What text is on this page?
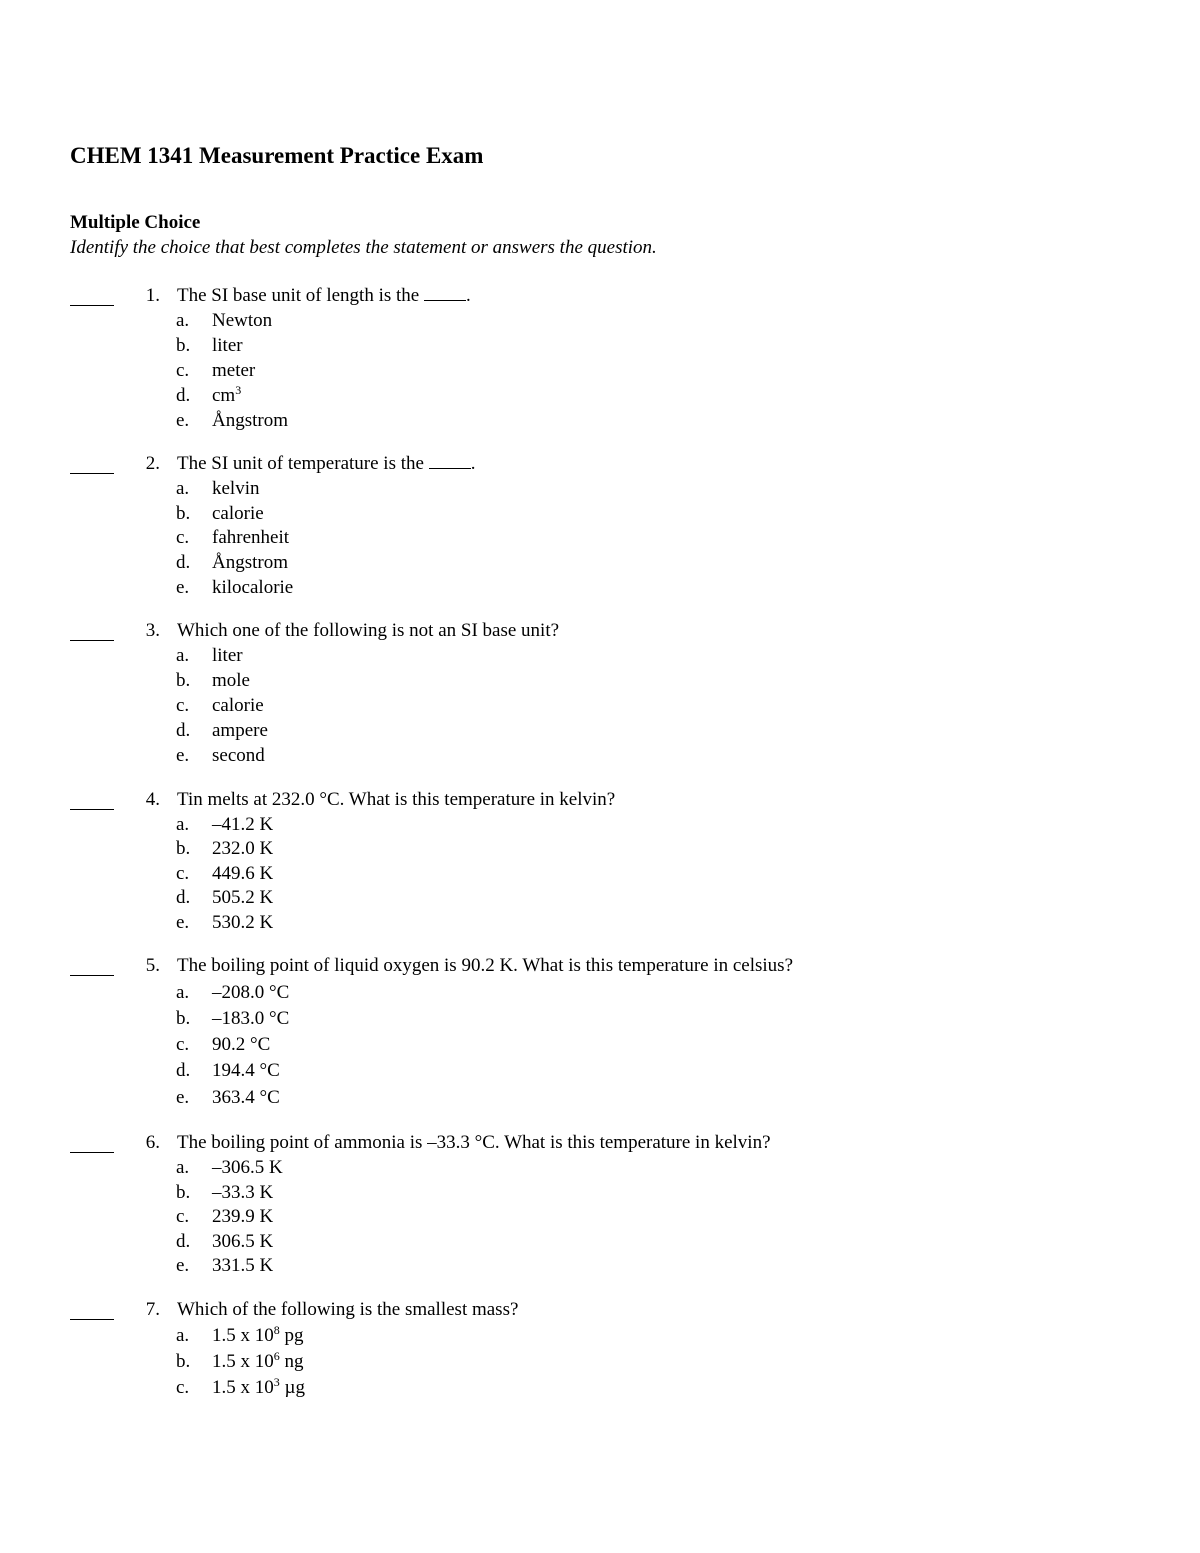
CHEM 1341 Measurement Practice Exam
Multiple Choice
Identify the choice that best completes the statement or answers the question.
1. The SI base unit of length is the .
a. Newton
b. liter
c. meter
d. $cm^3$
e. Ångstrom
2. The SI unit of temperature is the .
a. kelvin
b. calorie
c. fahrenheit
d. Ångstrom
e. kilocalorie
3. Which one of the following is not an SI base unit?
a. liter
b. mole
c. calorie
d. ampere
e. second
4. Tin melts at 232.0 °C. What is this temperature in kelvin?
a. –41.2 K
b. 232.0 K
c. 449.6 K
d. 505.2 K
e. 530.2 K
5. The boiling point of liquid oxygen is 90.2 K. What is this temperature in celsius?
a. –208.0 °C
b. –183.0 °C
c. 90.2 °C
d. 194.4 °C
e. 363.4 °C
6. The boiling point of ammonia is –33.3 °C. What is this temperature in kelvin?
a. –306.5 K
b. –33.3 K
c. 239.9 K
d. 306.5 K
e. 331.5 K
7. Which of the following is the smallest mass?
a. 1.5 x $10^8$ pg
b. 1.5 x $10^6$ ng
c. 1.5 x $10^3$ µg
